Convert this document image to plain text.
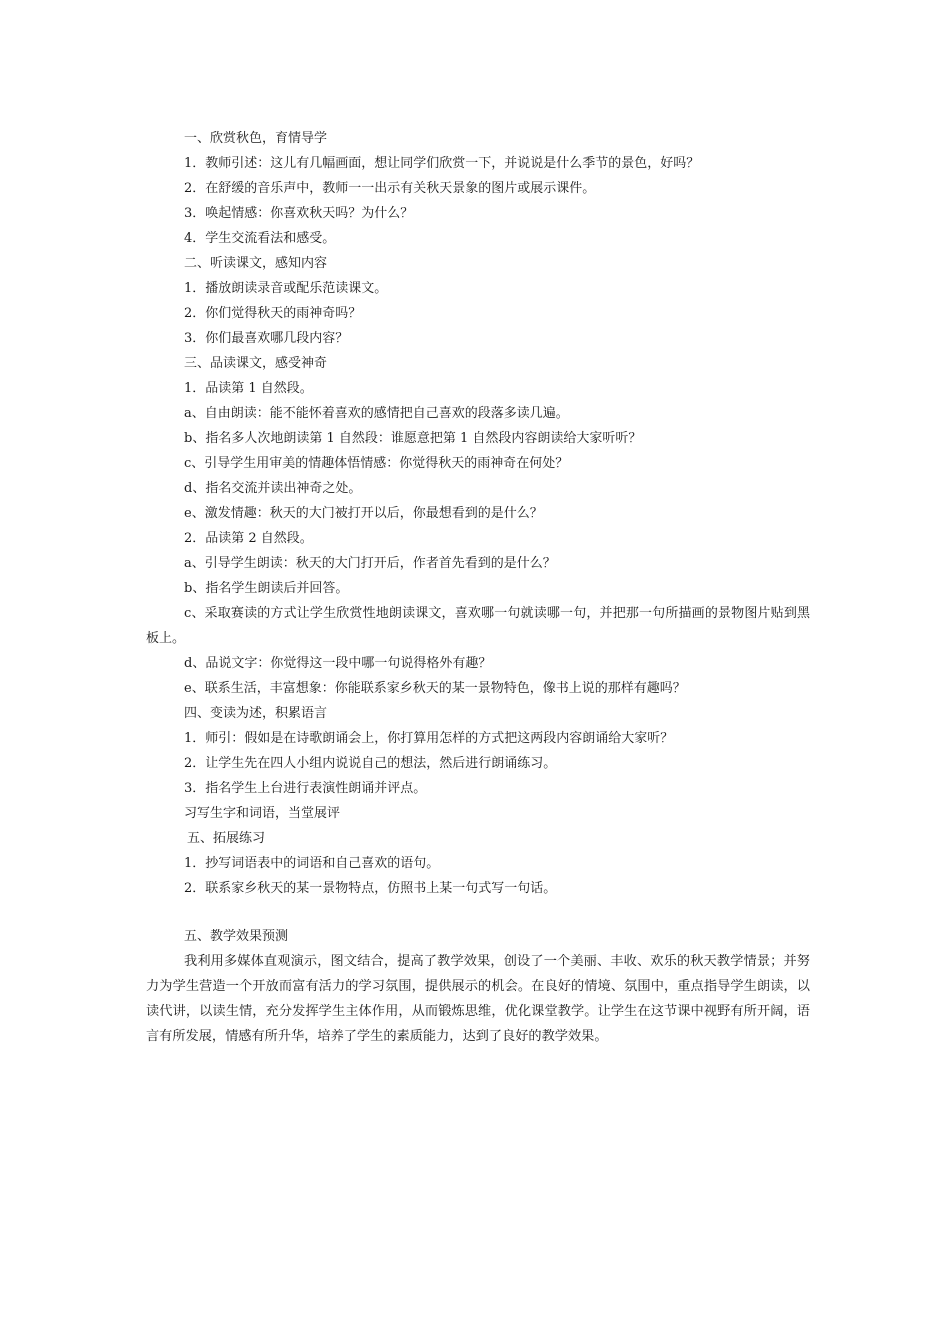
一、欣赏秋色，育情导学
1．教师引述：这儿有几幅画面，想让同学们欣赏一下，并说说是什么季节的景色，好吗？
2．在舒缓的音乐声中，教师一一出示有关秋天景象的图片或展示课件。
3．唤起情感：你喜欢秋天吗？为什么？
4．学生交流看法和感受。
二、听读课文，感知内容
1．播放朗读录音或配乐范读课文。
2．你们觉得秋天的雨神奇吗？
3．你们最喜欢哪几段内容？
三、品读课文，感受神奇
1．品读第 1 自然段。
a、自由朗读：能不能怀着喜欢的感情把自己喜欢的段落多读几遍。
b、指名多人次地朗读第 1 自然段：谁愿意把第 1 自然段内容朗读给大家听听？
c、引导学生用审美的情趣体悟情感：你觉得秋天的雨神奇在何处？
d、指名交流并读出神奇之处。
e、激发情趣：秋天的大门被打开以后，你最想看到的是什么？
2．品读第 2 自然段。
a、引导学生朗读：秋天的大门打开后，作者首先看到的是什么？
b、指名学生朗读后并回答。
c、采取赛读的方式让学生欣赏性地朗读课文，喜欢哪一句就读哪一句，并把那一句所描画的景物图片贴到黑板上。
d、品说文字：你觉得这一段中哪一句说得格外有趣？
e、联系生活，丰富想象：你能联系家乡秋天的某一景物特色，像书上说的那样有趣吗？
四、变读为述，积累语言
1．师引：假如是在诗歌朗诵会上，你打算用怎样的方式把这两段内容朗诵给大家听？
2．让学生先在四人小组内说说自己的想法，然后进行朗诵练习。
3．指名学生上台进行表演性朗诵并评点。
习写生字和词语，当堂展评
五、拓展练习
1．抄写词语表中的词语和自己喜欢的语句。
2．联系家乡秋天的某一景物特点，仿照书上某一句式写一句话。
五、教学效果预测
我利用多媒体直观演示，图文结合，提高了教学效果，创设了一个美丽、丰收、欢乐的秋天教学情景；并努力为学生营造一个开放而富有活力的学习氛围，提供展示的机会。在良好的情境、氛围中，重点指导学生朗读，以读代讲，以读生情，充分发挥学生主体作用，从而锻炼思维，优化课堂教学。让学生在这节课中视野有所开阔，语言有所发展，情感有所升华，培养了学生的素质能力，达到了良好的教学效果。
